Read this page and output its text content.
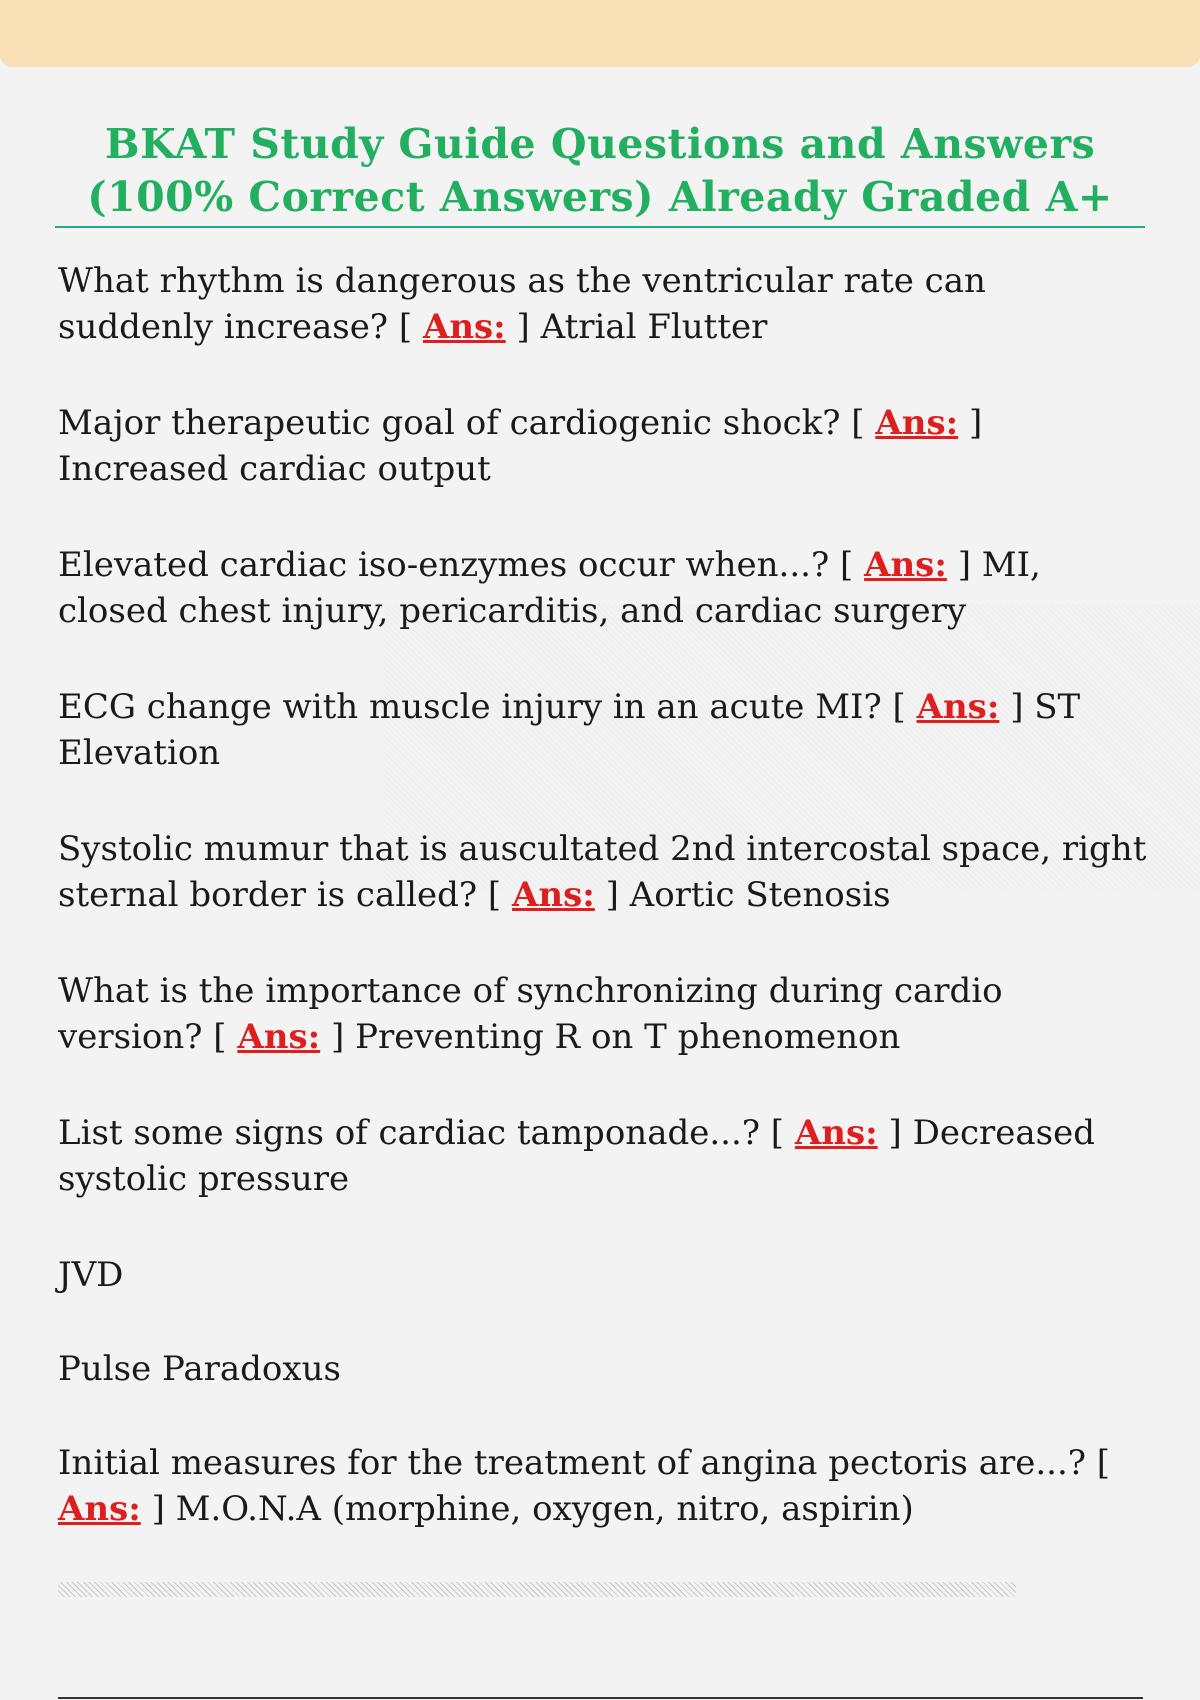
BKAT Study Guide Questions and Answers
(100% Correct Answers) Already Graded A+

What rhythm is dangerous as the ventricular rate can suddenly increase? [ Ans: ] Atrial Flutter

Major therapeutic goal of cardiogenic shock? [ Ans: ] Increased cardiac output

Elevated cardiac iso-enzymes occur when...? [ Ans: ] MI, closed chest injury, pericarditis, and cardiac surgery

ECG change with muscle injury in an acute MI? [ Ans: ] ST Elevation

Systolic mumur that is auscultated 2nd intercostal space, right sternal border is called? [ Ans: ] Aortic Stenosis

What is the importance of synchronizing during cardio version? [ Ans: ] Preventing R on T phenomenon

List some signs of cardiac tamponade...? [ Ans: ] Decreased systolic pressure

JVD

Pulse Paradoxus

Initial measures for the treatment of angina pectoris are...? [ Ans: ] M.O.N.A (morphine, oxygen, nitro, aspirin)
